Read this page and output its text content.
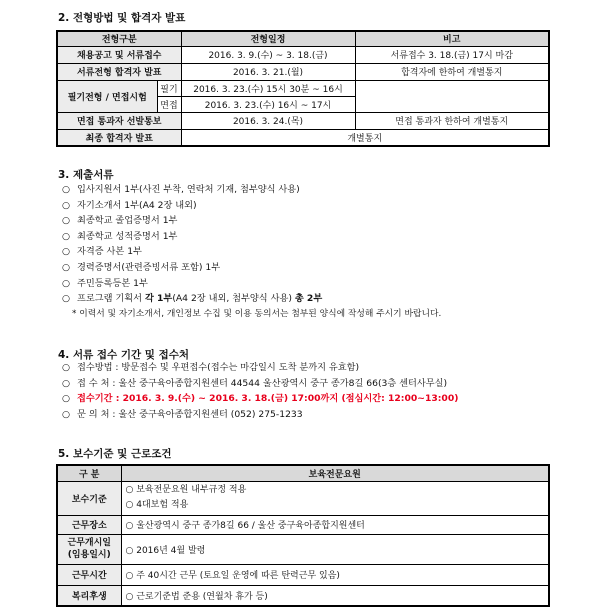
2. 전형방법 및 합격자 발표
전형구분		전형일정	비고
채용공고 및 서류접수		2016. 3. 9.(수) ~ 3. 18.(금)	서류접수 3. 18.(금) 17시 마감
서류전형 합격자 발표		2016. 3. 21.(월)	합격자에 한하여 개별통지
필기전형 / 면접시험	필기	2016. 3. 23.(수) 15시 30분 ~ 16시	
	면접	2016. 3. 23.(수) 16시 ~ 17시	
면접 통과자 선발통보		2016. 3. 24.(목)	면접 통과자 한하여 개별통지
최종 합격자 발표		개별통지	
3. 제출서류
○ 입사지원서 1부(사진 부착, 연락처 기재, 첨부양식 사용)
○ 자기소개서 1부(A4 2장 내외)
○ 최종학교 졸업증명서 1부
○ 최종학교 성적증명서 1부
○ 자격증 사본 1부
○ 경력증명서(관련증빙서류 포함) 1부
○ 주민등록등본 1부
○ 프로그램 기획서 각 1부(A4 2장 내외, 첨부양식 사용) 총 2부
* 이력서 및 자기소개서, 개인정보 수집 및 이용 동의서는 첨부된 양식에 작성해 주시기 바랍니다.
4. 서류 접수 기간 및 접수처
○ 접수방법 : 방문접수 및 우편접수(접수는 마감일시 도착 분까지 유효함)
○ 접 수 처 : 울산 중구육아종합지원센터 44544 울산광역시 중구 종가8길 66(3층 센터사무실)
○ 접수기간 : 2016. 3. 9.(수) ~ 2016. 3. 18.(금) 17:00까지 (점심시간: 12:00~13:00)
○ 문 의 처 : 울산 중구육아종합지원센터 (052) 275-1233
5. 보수기준 및 근로조건
구 분	보육전문요원
보수기준	○ 보육전문요원 내부규정 적용
○ 4대보험 적용

근무장소	○ 울산광역시 중구 종가8길 66 / 울산 중구육아종합지원센터

근무개시일
(임용일시)	○ 2016년 4월 발령
근무시간	○ 주 40시간 근무 (토요일 운영에 따른 탄력근무 있음)
복리후생	○ 근로기준법 준용 (연월차 휴가 등)
